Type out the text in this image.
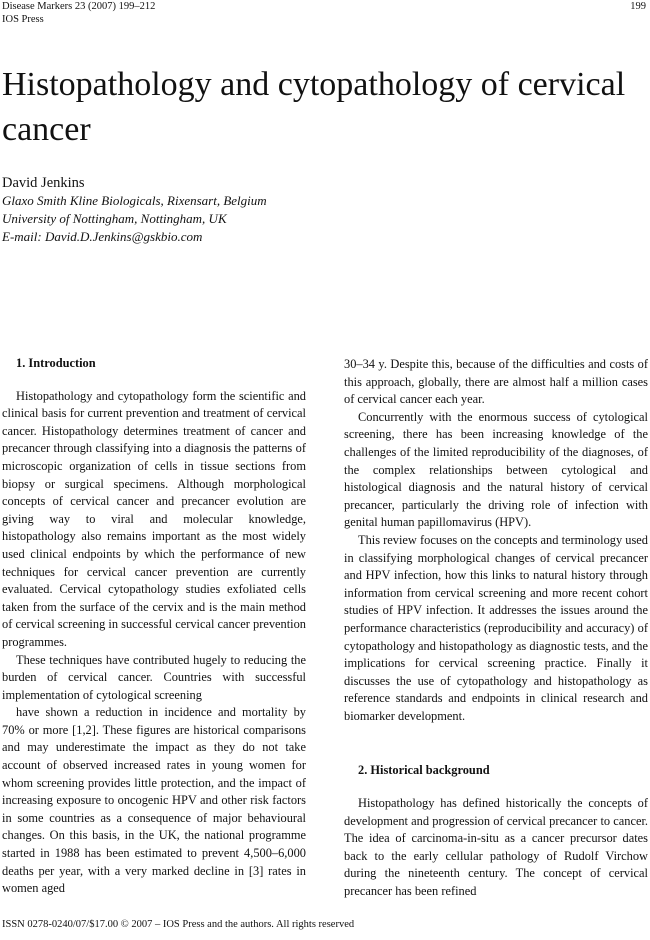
Disease Markers 23 (2007) 199–212
IOS Press
199
Histopathology and cytopathology of cervical cancer
David Jenkins
Glaxo Smith Kline Biologicals, Rixensart, Belgium
University of Nottingham, Nottingham, UK
E-mail: David.D.Jenkins@gskbio.com

1. Introduction

Histopathology and cytopathology form the scientific and clinical basis for current prevention and treatment of cervical cancer. Histopathology determines treatment of cancer and precancer through classifying into a diagnosis the patterns of microscopic organization of cells in tissue sections from biopsy or surgical specimens. Although morphological concepts of cervical cancer and precancer evolution are giving way to viral and molecular knowledge, histopathology also remains important as the most widely used clinical endpoints by which the performance of new techniques for cervical cancer prevention are currently evaluated. Cervical cytopathology studies exfoliated cells taken from the surface of the cervix and is the main method of cervical screening in successful cervical cancer prevention programmes.

These techniques have contributed hugely to reducing the burden of cervical cancer. Countries with successful implementation of cytological screening

have shown a reduction in incidence and mortality by 70% or more [1,2]. These figures are historical comparisons and may underestimate the impact as they do not take account of observed increased rates in young women for whom screening provides little protection, and the impact of increasing exposure to oncogenic HPV and other risk factors in some countries as a consequence of major behavioural changes. On this basis, in the UK, the national programme started in 1988 has been estimated to prevent 4,500–6,000 deaths per year, with a very marked decline in [3] rates in women aged

30–34 y. Despite this, because of the difficulties and costs of this approach, globally, there are almost half a million cases of cervical cancer each year.

Concurrently with the enormous success of cytological screening, there has been increasing knowledge of the challenges of the limited reproducibility of the diagnoses, of the complex relationships between cytological and histological diagnosis and the natural history of cervical precancer, particularly the driving role of infection with genital human papillomavirus (HPV).

This review focuses on the concepts and terminology used in classifying morphological changes of cervical precancer and HPV infection, how this links to natural history through information from cervical screening and more recent cohort studies of HPV infection. It addresses the issues around the performance characteristics (reproducibility and accuracy) of cytopathology and histopathology as diagnostic tests, and the implications for cervical screening practice. Finally it discusses the use of cytopathology and histopathology as reference standards and endpoints in clinical research and biomarker development.

2. Historical background

Histopathology has defined historically the concepts of development and progression of cervical precancer to cancer. The idea of carcinoma-in-situ as a cancer precursor dates back to the early cellular pathology of Rudolf Virchow during the nineteenth century. The concept of cervical precancer has been refined

ISSN 0278-0240/07/$17.00 © 2007 – IOS Press and the authors. All rights reserved
